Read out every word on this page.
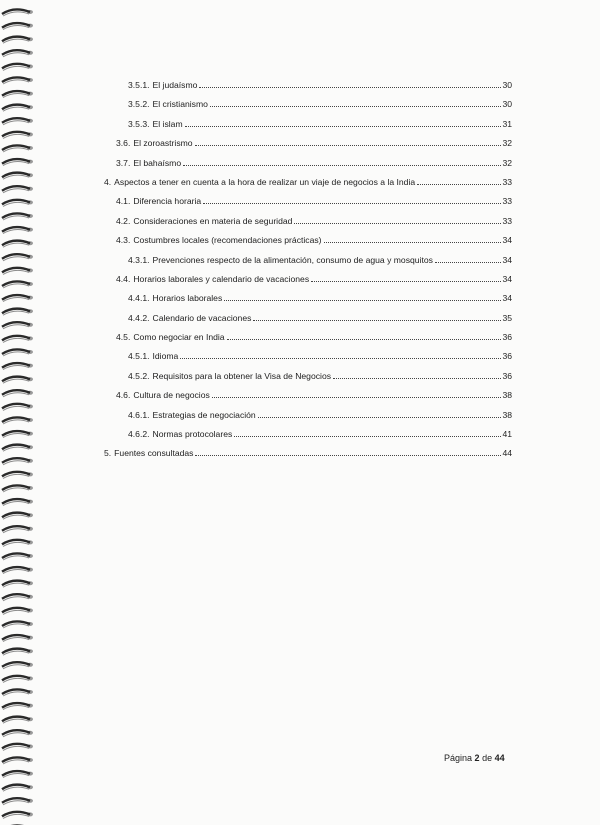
3.5.1. El judaísmo	30
3.5.2. El cristianismo	30
3.5.3. El islam	31
3.6. El zoroastrismo	32
3.7. El bahaísmo	32
4. Aspectos a tener en cuenta a la hora de realizar un viaje de negocios a la India	33
4.1. Diferencia horaria	33
4.2. Consideraciones en materia de seguridad	33
4.3. Costumbres locales (recomendaciones prácticas)	34
4.3.1. Prevenciones respecto de la alimentación, consumo de agua y mosquitos	34
4.4. Horarios laborales y calendario de vacaciones	34
4.4.1. Horarios laborales	34
4.4.2. Calendario de vacaciones	35
4.5. Como negociar en India	36
4.5.1. Idioma	36
4.5.2. Requisitos para la obtener la Visa de Negocios	36
4.6. Cultura de negocios	38
4.6.1. Estrategias de negociación	38
4.6.2. Normas protocolares	41
5. Fuentes consultadas	44
Página 2 de 44
